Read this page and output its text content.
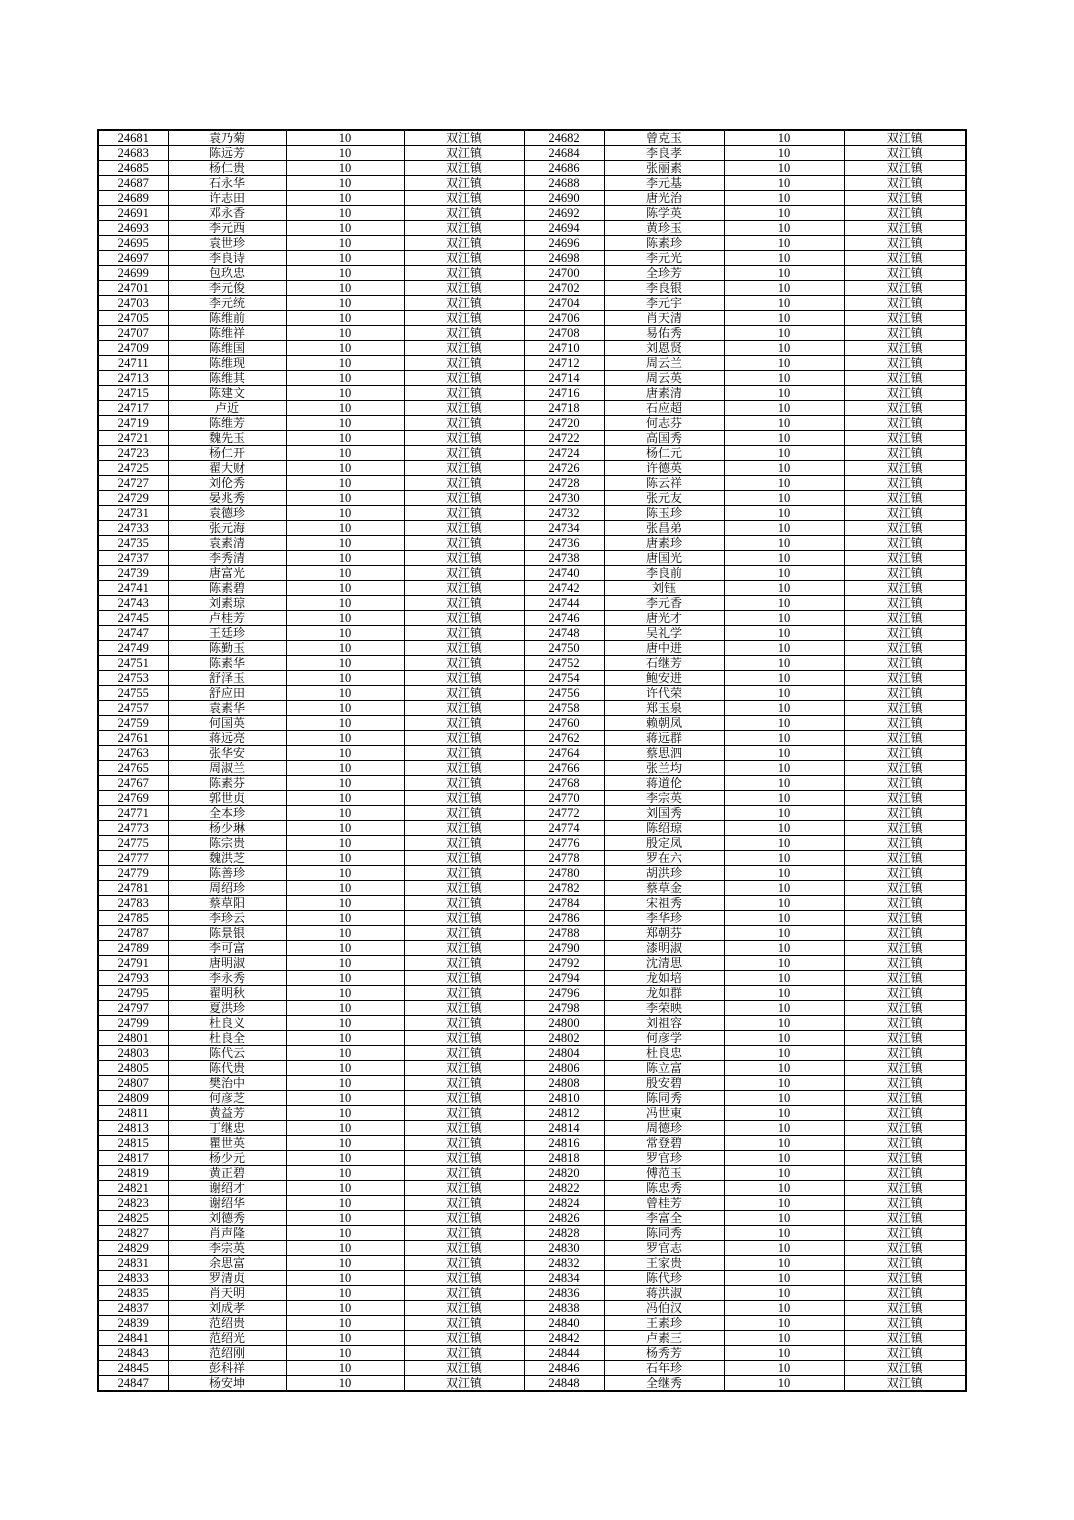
24681	袁乃菊	10	双江镇	24682	曾克玉	10	双江镇
24683	陈远芳	10	双江镇	24684	李良孝	10	双江镇
24685	杨仁贵	10	双江镇	24686	张丽素	10	双江镇
24687	石永华	10	双江镇	24688	李元基	10	双江镇
24689	许志田	10	双江镇	24690	唐光治	10	双江镇
24691	邓永香	10	双江镇	24692	陈学英	10	双江镇
24693	李元西	10	双江镇	24694	黄珍玉	10	双江镇
24695	袁世珍	10	双江镇	24696	陈素珍	10	双江镇
24697	李良诗	10	双江镇	24698	李元光	10	双江镇
24699	包玖忠	10	双江镇	24700	全珍芳	10	双江镇
24701	李元俊	10	双江镇	24702	李良银	10	双江镇
24703	李元统	10	双江镇	24704	李元宇	10	双江镇
24705	陈维前	10	双江镇	24706	肖天清	10	双江镇
24707	陈维祥	10	双江镇	24708	易佑秀	10	双江镇
24709	陈维国	10	双江镇	24710	刘恩贤	10	双江镇
24711	陈维现	10	双江镇	24712	周云兰	10	双江镇
24713	陈维其	10	双江镇	24714	周云英	10	双江镇
24715	陈建文	10	双江镇	24716	唐素清	10	双江镇
24717	卢近	10	双江镇	24718	石应超	10	双江镇
24719	陈维芳	10	双江镇	24720	何志芬	10	双江镇
24721	魏先玉	10	双江镇	24722	高国秀	10	双江镇
24723	杨仁开	10	双江镇	24724	杨仁元	10	双江镇
24725	翟大财	10	双江镇	24726	许德英	10	双江镇
24727	刘伦秀	10	双江镇	24728	陈云祥	10	双江镇
24729	晏兆秀	10	双江镇	24730	张元友	10	双江镇
24731	袁德珍	10	双江镇	24732	陈玉珍	10	双江镇
24733	张元海	10	双江镇	24734	张昌弟	10	双江镇
24735	袁素清	10	双江镇	24736	唐素珍	10	双江镇
24737	李秀清	10	双江镇	24738	唐国光	10	双江镇
24739	唐富光	10	双江镇	24740	李良前	10	双江镇
24741	陈素碧	10	双江镇	24742	刘钰	10	双江镇
24743	刘素琼	10	双江镇	24744	李元香	10	双江镇
24745	卢桂芳	10	双江镇	24746	唐光才	10	双江镇
24747	王廷珍	10	双江镇	24748	吴礼学	10	双江镇
24749	陈勤玉	10	双江镇	24750	唐中进	10	双江镇
24751	陈素华	10	双江镇	24752	石继芳	10	双江镇
24753	舒泽玉	10	双江镇	24754	鲍安进	10	双江镇
24755	舒应田	10	双江镇	24756	许代荣	10	双江镇
24757	袁素华	10	双江镇	24758	郑玉泉	10	双江镇
24759	何国英	10	双江镇	24760	赖朝凤	10	双江镇
24761	蒋远亮	10	双江镇	24762	蒋远群	10	双江镇
24763	张华安	10	双江镇	24764	蔡思泗	10	双江镇
24765	周淑兰	10	双江镇	24766	张兰均	10	双江镇
24767	陈素芬	10	双江镇	24768	蒋道伦	10	双江镇
24769	郭世贞	10	双江镇	24770	李宗英	10	双江镇
24771	全本珍	10	双江镇	24772	刘国秀	10	双江镇
24773	杨少琳	10	双江镇	24774	陈绍琼	10	双江镇
24775	陈宗贵	10	双江镇	24776	殷定凤	10	双江镇
24777	魏洪芝	10	双江镇	24778	罗在六	10	双江镇
24779	陈善珍	10	双江镇	24780	胡洪珍	10	双江镇
24781	周绍珍	10	双江镇	24782	蔡草金	10	双江镇
24783	蔡草阳	10	双江镇	24784	宋祖秀	10	双江镇
24785	李珍云	10	双江镇	24786	李华珍	10	双江镇
24787	陈景银	10	双江镇	24788	郑朝芬	10	双江镇
24789	李可富	10	双江镇	24790	漆明淑	10	双江镇
24791	唐明淑	10	双江镇	24792	沈清思	10	双江镇
24793	李永秀	10	双江镇	24794	龙如培	10	双江镇
24795	翟明秋	10	双江镇	24796	龙如群	10	双江镇
24797	夏洪珍	10	双江镇	24798	李荣映	10	双江镇
24799	杜良义	10	双江镇	24800	刘祖容	10	双江镇
24801	杜良全	10	双江镇	24802	何彦学	10	双江镇
24803	陈代云	10	双江镇	24804	杜良忠	10	双江镇
24805	陈代贵	10	双江镇	24806	陈立富	10	双江镇
24807	樊治中	10	双江镇	24808	殷安碧	10	双江镇
24809	何彦芝	10	双江镇	24810	陈同秀	10	双江镇
24811	黄益芳	10	双江镇	24812	冯世東	10	双江镇
24813	丁继忠	10	双江镇	24814	周德珍	10	双江镇
24815	瞿世英	10	双江镇	24816	常登碧	10	双江镇
24817	杨少元	10	双江镇	24818	罗官珍	10	双江镇
24819	黄正碧	10	双江镇	24820	傅范玉	10	双江镇
24821	谢绍才	10	双江镇	24822	陈忠秀	10	双江镇
24823	谢绍华	10	双江镇	24824	曾桂芳	10	双江镇
24825	刘德秀	10	双江镇	24826	李富全	10	双江镇
24827	肖声隆	10	双江镇	24828	陈同秀	10	双江镇
24829	李宗英	10	双江镇	24830	罗官志	10	双江镇
24831	余思富	10	双江镇	24832	王家贵	10	双江镇
24833	罗清贞	10	双江镇	24834	陈代珍	10	双江镇
24835	肖天明	10	双江镇	24836	蒋洪淑	10	双江镇
24837	刘成孝	10	双江镇	24838	冯伯汉	10	双江镇
24839	范绍贵	10	双江镇	24840	王素珍	10	双江镇
24841	范绍光	10	双江镇	24842	卢素三	10	双江镇
24843	范绍刚	10	双江镇	24844	杨秀芳	10	双江镇
24845	彭科祥	10	双江镇	24846	石年珍	10	双江镇
24847	杨安坤	10	双江镇	24848	全继秀	10	双江镇
